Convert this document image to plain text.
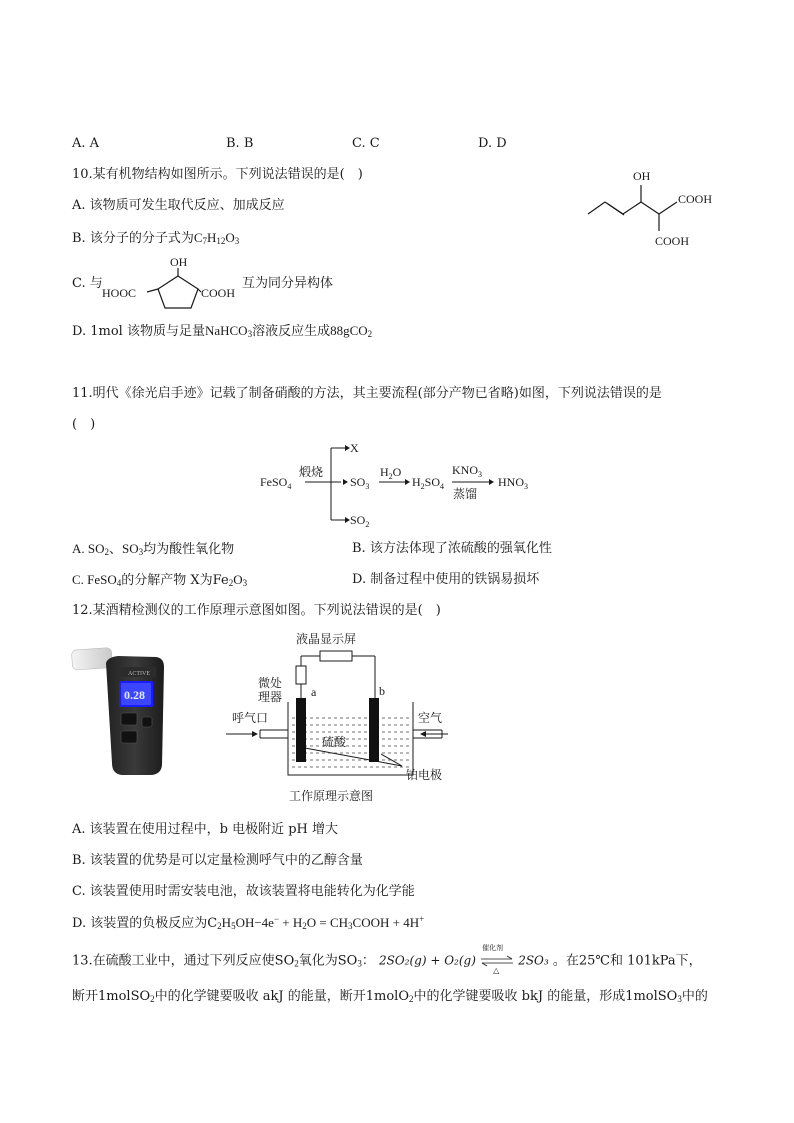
A. A	B. B	C. C	D. D
10.某有机物结构如图所示。下列说法错误的是(　)
A. 该物质可发生取代反应、加成反应
B. 该分子的分子式为$C_7H_{12}O_3$
OH
COOH
COOH
C. 与
OH
HOOC	COOH
互为同分异构体
D. 1mol 该物质与足量NaHCO$_3$溶液反应生成88gCO$_2$
11.明代《徐光启手迹》记载了制备硝酸的方法，其主要流程(部分产物已省略)如图，下列说法错误的是
(　)
FeSO$_4$
煅烧
X
$SO_3$
$H_2O$
$H_2SO_4$
$KNO_3$
蒸馏
$HNO_3$
$SO_2$
A. $SO_2$、$SO_3$均为酸性氧化物	B. 该方法体现了浓硫酸的强氧化性
C. FeSO$_4$的分解产物 X为$Fe_2O_3$	D. 制备过程中使用的铁锅易损坏
12.某酒精检测仪的工作原理示意图如图。下列说法错误的是(　)
ACTIVE
0.28
液晶显示屏
微处
理器 a	b
呼气口	空气
硫酸
铂电极
工作原理示意图
A. 该装置在使用过程中，b 电极附近 pH 增大
B. 该装置的优势是可以定量检测呼气中的乙醇含量
C. 该装置使用时需安装电池，故该装置将电能转化为化学能
D. 该装置的负极反应为$C_2H_5OH-4e^- + H_2O$ = $CH_3COOH + 4H^+$
13.在硫酸工业中，通过下列反应使$SO_2$氧化为$SO_3$： 2SO₂(g) + O₂(g)
催化剂
△
2SO₃ 。在25℃和 101kPa下，
断开1molSO$_2$中的化学键要吸收 akJ 的能量，断开1molO$_2$中的化学键要吸收 bkJ 的能量，形成1molSO$_3$中的
